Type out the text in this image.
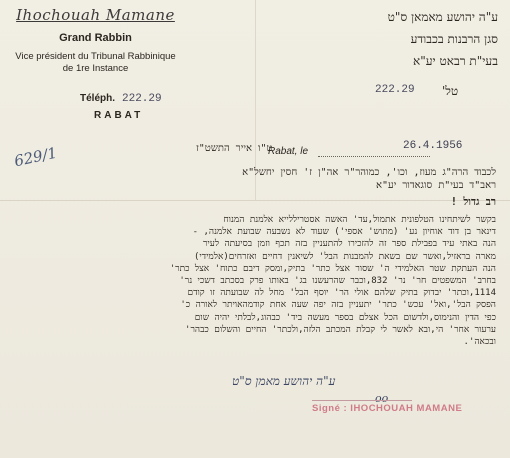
Ihochouah Mamane
Grand Rabbin
Vice président du Tribunal Rabbinique
de 1re Instance
Téléph. 222.29
RABAT
ע"ה יהושע מאמאן ס"ט
סגן הרבנות בכבודע
בעי"ת רבאט יע"א
222.29 טל'
629/1	ט"ו אייר התשט"ז
Rabat, le	26.4.1956
לכבוד הרה"ג מעוז, וכו', כמוהר"ר אה"ן ז' חסין יחשל"א
ראב"ד בעי"ת סוגאדור יע"א
רב גדול !
בקשר לשיתחינו הטלפונית אתמול,עד' האשה אסטריללייא אלמנת המנוח
דינאר בן דוד אוחיון נע' (מתוש' אספי') שעוד לא נשבעה שבועת אלמנה, -
הנה באתי עיד בפבילת ספר זה להזכירו להתעניין בזה תכף וזמן בסיעתה לעיר
מארה בראזיל,ואשר שם בשאת להמבנות הבל' לשיאנין דחיים ואזרחים(אלמידי)
הנה העתקת שטר האלמידי ה' שסור אצל כתר' בתיק,ומסק דיבם כתוח' אצל כתר'
בחרב' המשפטים חר' נר' 832,וכבר שהרעשנו בג' באותו פרק בסכתב דשכי נר'
1114,וכתר' יבדוק בתיק שלהם אולי הר' יוסף הבל' מחל לה שבועתה זו קודם
הפסק הבל',ואל' עכש' כתר' יתעניין בזה יפה שעה אחת קודמהאויתר לאורה כ'
כפי הדין והנימוס,ולדשום הכל אצלם בספר מעשה ביד' כבהוג,לבלתי יהיה שום
ערעור אחר' הי,ובא לאשר לי קבלת המכתב הלזה,ולכתר' החיים והשלום כבהר'
ובכאה'.
ע"ה יהושע מאמן ס"ט
oo
Signé : IHOCHOUAH MAMANE
